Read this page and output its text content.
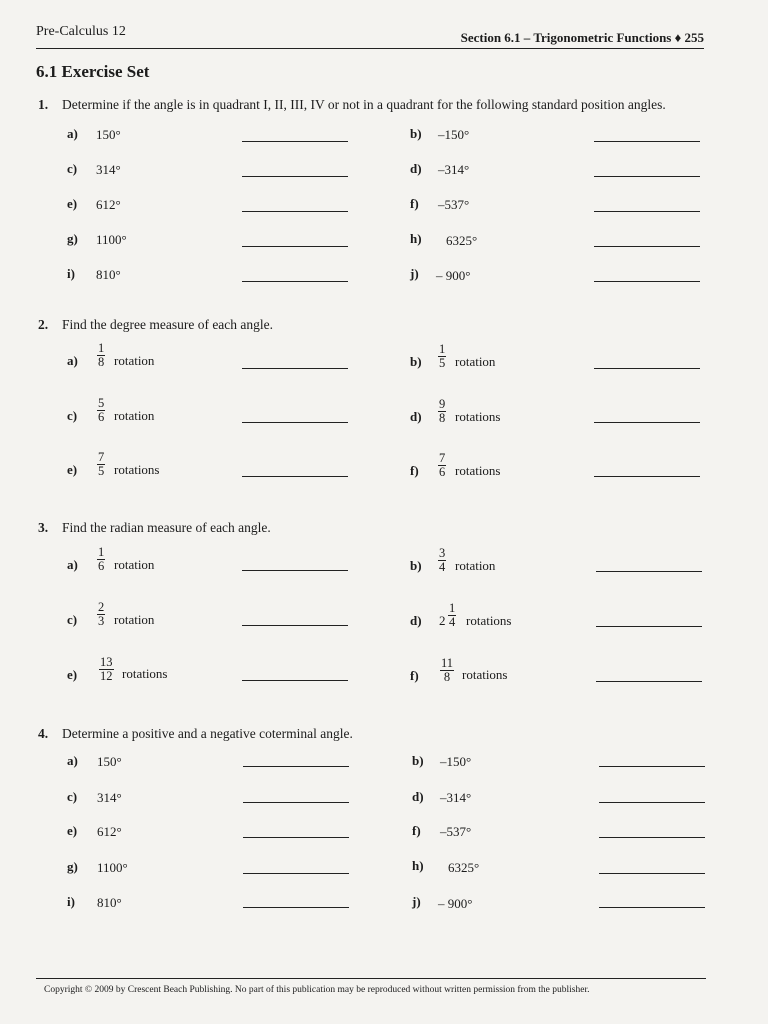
Pre-Calculus 12	Section 6.1 – Trigonometric Functions ♦ 255
6.1 Exercise Set
1. Determine if the angle is in quadrant I, II, III, IV or not in a quadrant for the following standard position angles.
a) 150°	b) –150°
c) 314°	d) –314°
e) 612°	f) –537°
g) 1100°	h) 6325°
i) 810°	j) – 900°
2. Find the degree measure of each angle.
$a) \frac{1}{8}$ rotation	$b) \frac{1}{5}$ rotation
$c) \frac{5}{6}$ rotation	$d) \frac{9}{8}$ rotations
$e) \frac{7}{5}$ rotations	$f) \frac{7}{6}$ rotations
3. Find the radian measure of each angle.
$a) \frac{1}{6}$ rotation	$b) \frac{3}{4}$ rotation
$c) \frac{2}{3}$ rotation	d) $2 \frac{1}{4}$ rotations
$e) \frac{13}{12}$ rotations	$f) \frac{11}{8}$ rotations
4. Determine a positive and a negative coterminal angle.
a) 150°	b) –150°
c) 314°	d) –314°
e) 612°	f) –537°
g) 1100°	h) 6325°
i) 810°	j) – 900°
Copyright © 2009 by Crescent Beach Publishing. No part of this publication may be reproduced without written permission from the publisher.
